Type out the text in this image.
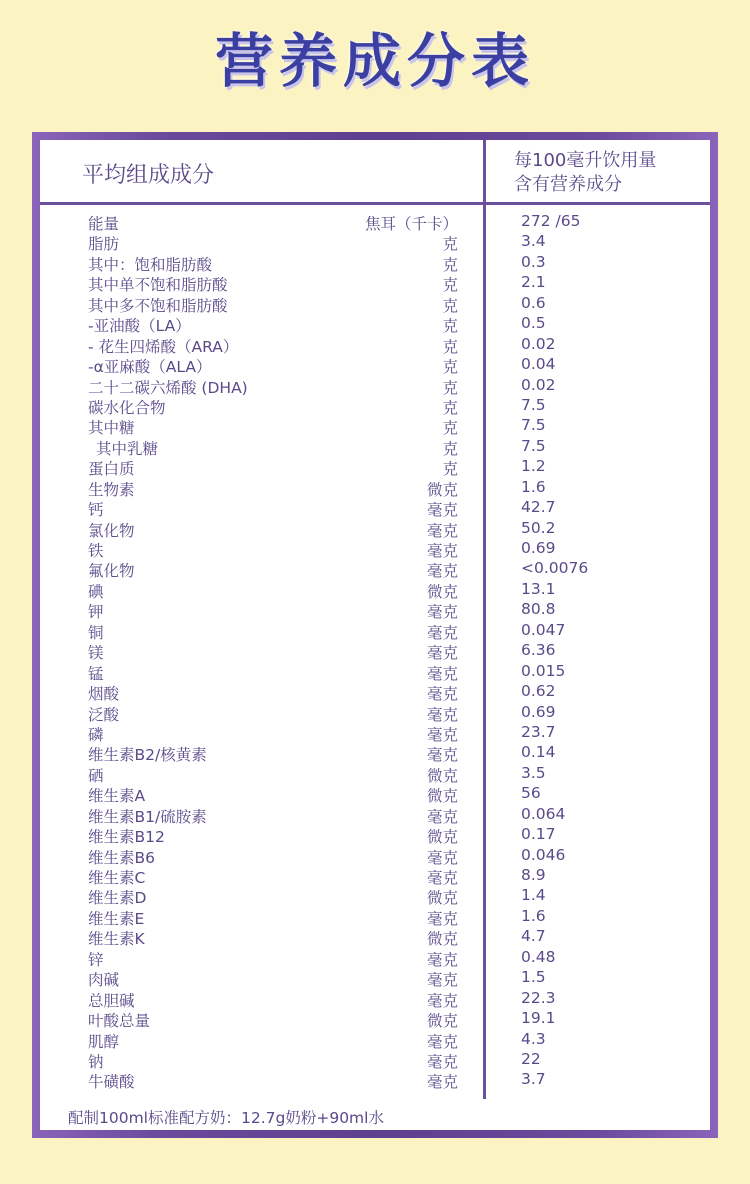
营养成分表
平均组成成分
每100毫升饮用量
含有营养成分
能量	焦耳（千卡）	272 /65
脂肪	克	3.4
其中：饱和脂肪酸	克	0.3
其中单不饱和脂肪酸	克	2.1
其中多不饱和脂肪酸	克	0.6
-亚油酸（LA）	克	0.5
- 花生四烯酸（ARA）	克	0.02
-α亚麻酸（ALA）	克	0.04
二十二碳六烯酸 (DHA)	克	0.02
碳水化合物	克	7.5
其中糖	克	7.5
其中乳糖	克	7.5
蛋白质	克	1.2
生物素	微克	1.6
钙	毫克	42.7
氯化物	毫克	50.2
铁	毫克	0.69
氟化物	毫克	<0.0076
碘	微克	13.1
钾	毫克	80.8
铜	毫克	0.047
镁	毫克	6.36
锰	毫克	0.015
烟酸	毫克	0.62
泛酸	毫克	0.69
磷	毫克	23.7
维生素B2/核黄素	毫克	0.14
硒	微克	3.5
维生素A	微克	56
维生素B1/硫胺素	毫克	0.064
维生素B12	微克	0.17
维生素B6	毫克	0.046
维生素C	毫克	8.9
维生素D	微克	1.4
维生素E	毫克	1.6
维生素K	微克	4.7
锌	毫克	0.48
肉碱	毫克	1.5
总胆碱	毫克	22.3
叶酸总量	微克	19.1
肌醇	毫克	4.3
钠	毫克	22
牛磺酸	毫克	3.7
配制100ml标准配方奶：12.7g奶粉+90ml水
